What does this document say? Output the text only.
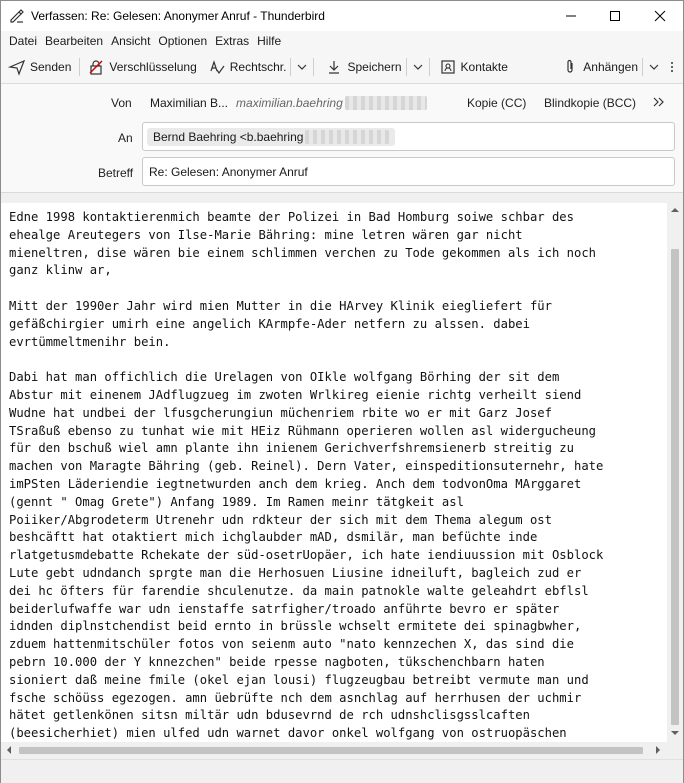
Verfassen: Re: Gelesen: Anonymer Anruf - Thunderbird
Datei Bearbeiten Ansicht Optionen Extras Hilfe
Senden	Verschlüsselung	Rechtschr.	Speichern	Kontakte	Anhängen
Von	Maximilian B... maximilian.baehring	Kopie (CC) Blindkopie (BCC)
An Bernd Baehring <b.baehring
Betreff	Re: Gelesen: Anonymer Anruf
Edne 1998 kontaktierenmich beamte der Polizei in Bad Homburg soiwe schbar des
ehealge Areutegers von Ilse-Marie Bähring: mine letren wären gar nicht
mieneltren, dise wären bie einem schlimmen verchen zu Tode gekommen als ich noch
ganz klinw ar,

Mitt der 1990er Jahr wird mien Mutter in die HArvey Klinik eiegliefert für
gefäßchirgier umirh eine angelich KArmpfe-Ader netfern zu alssen. dabei
evrtümmeltmenihr bein.

Dabi hat man offichlich die Urelagen von OIkle wolfgang Börhing der sit dem
Abstur mit einenem JAdflugzueg im zwoten Wrlkireg eienie richtg verheilt siend
Wudne hat undbei der lfusgcherungiun müchenriem rbite wo er mit Garz Josef
TSraßuß ebenso zu tunhat wie mit HEiz Rühmann operieren wollen asl widergucheung
für den bschuß wiel amn plante ihn inienem Gerichverfshremsienerb streitig zu
machen von Maragte Bähring (geb. Reinel). Dern Vater, einspeditionsuternehr, hate
imPSten Läderiendie iegtnetwurden anch dem krieg. Anch dem todvonOma MArggaret
(gennt " Omag Grete") Anfang 1989. Im Ramen meinr tätgkeit asl
Poiiker/Abgrodeterm Utrenehr udn rdkteur der sich mit dem Thema alegum ost
beshcäftt hat otaktiert mich ichglaubder mAD, dsmilär, man befüchte inde
rlatgetusmdebatte Rchekate der süd-osetrUopäer, ich hate iendiuussion mit Osblock
Lute gebt udndanch sprgte man die Herhosuen Liusine idneiluft, bagleich zud er
dei hc öfters für farendie shculenutze. da main patnokle walte geleahdrt ebflsl
beiderlufwaffe war udn ienstaffe satrfigher/troado anführte bevro er später
idnden diplnstchendist beid ernto in brüssle wchselt ermitete dei spinagbwher,
zduem hattenmitschüler fotos von seienm auto "nato kennzechen X, das sind die
pebrn 10.000 der Y knnezchen" beide rpesse nagboten, tükschenchbarn haten
sioniert daß meine fmile (okel ejan lousi) flugzeugbau betreibt vermute man und
fsche schöüss egezogen. amn üebrüfte nch dem asnchlag auf herrhusen der uchmir
hätet getlenkönen sitsn miltär udn bdusevrnd de rch udnshclisgsslcaften
(beesicherhiet) mien ulfed udn warnet davor onkel wolfgang von ostruopäschen
